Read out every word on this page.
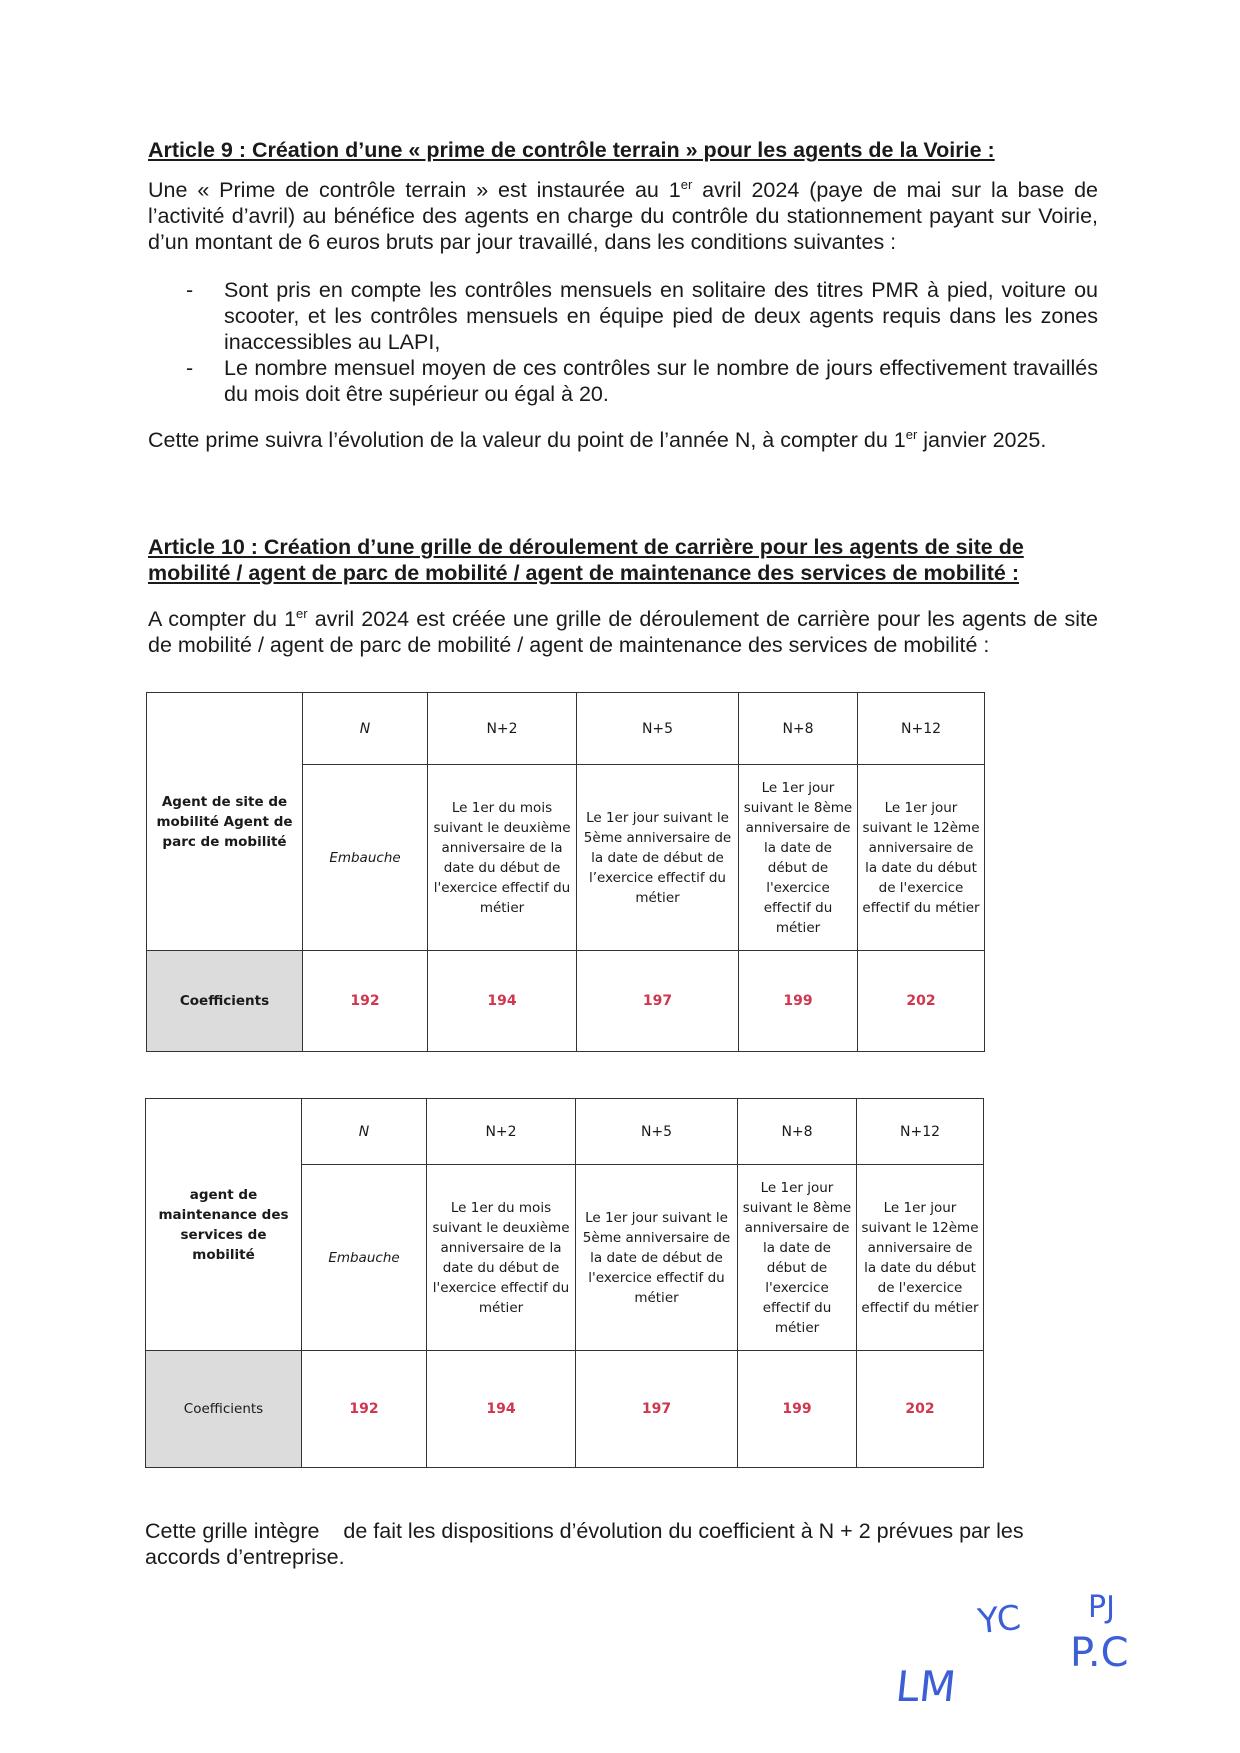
Article 9 : Création d’une « prime de contrôle terrain » pour les agents de la Voirie :
Une « Prime de contrôle terrain » est instaurée au 1er avril 2024 (paye de mai sur la base de l’activité d’avril) au bénéfice des agents en charge du contrôle du stationnement payant sur Voirie, d’un montant de 6 euros bruts par jour travaillé, dans les conditions suivantes :
- Sont pris en compte les contrôles mensuels en solitaire des titres PMR à pied, voiture ou scooter, et les contrôles mensuels en équipe pied de deux agents requis dans les zones inaccessibles au LAPI,
- Le nombre mensuel moyen de ces contrôles sur le nombre de jours effectivement travaillés du mois doit être supérieur ou égal à 20.
Cette prime suivra l’évolution de la valeur du point de l’année N, à compter du 1er janvier 2025.
Article 10 : Création d’une grille de déroulement de carrière pour les agents de site de mobilité / agent de parc de mobilité / agent de maintenance des services de mobilité :
A compter du 1er avril 2024 est créée une grille de déroulement de carrière pour les agents de site de mobilité / agent de parc de mobilité / agent de maintenance des services de mobilité :
Agent de site de mobilité Agent de parc de mobilité	N	N+2	N+5	N+8	N+12
	Embauche	Le 1er du mois suivant le deuxième anniversaire de la date du début de l'exercice effectif du métier	Le 1er jour suivant le 5ème anniversaire de la date de début de l’exercice effectif du métier	Le 1er jour suivant le 8ème anniversaire de la date de début de l'exercice effectif du métier	Le 1er jour suivant le 12ème anniversaire de la date du début de l'exercice effectif du métier
Coefficients	192	194	197	199	202
agent de maintenance des services de mobilité	N	N+2	N+5	N+8	N+12
	Embauche	Le 1er du mois suivant le deuxième anniversaire de la date du début de l'exercice effectif du métier	Le 1er jour suivant le 5ème anniversaire de la date de début de l'exercice effectif du métier	Le 1er jour suivant le 8ème anniversaire de la date de début de l'exercice effectif du métier	Le 1er jour suivant le 12ème anniversaire de la date du début de l'exercice effectif du métier
Coefficients	192	194	197	199	202
Cette grille intègre    de fait les dispositions d’évolution du coefficient à N + 2 prévues par les accords d’entreprise.
LM
YC PJ
P.C
